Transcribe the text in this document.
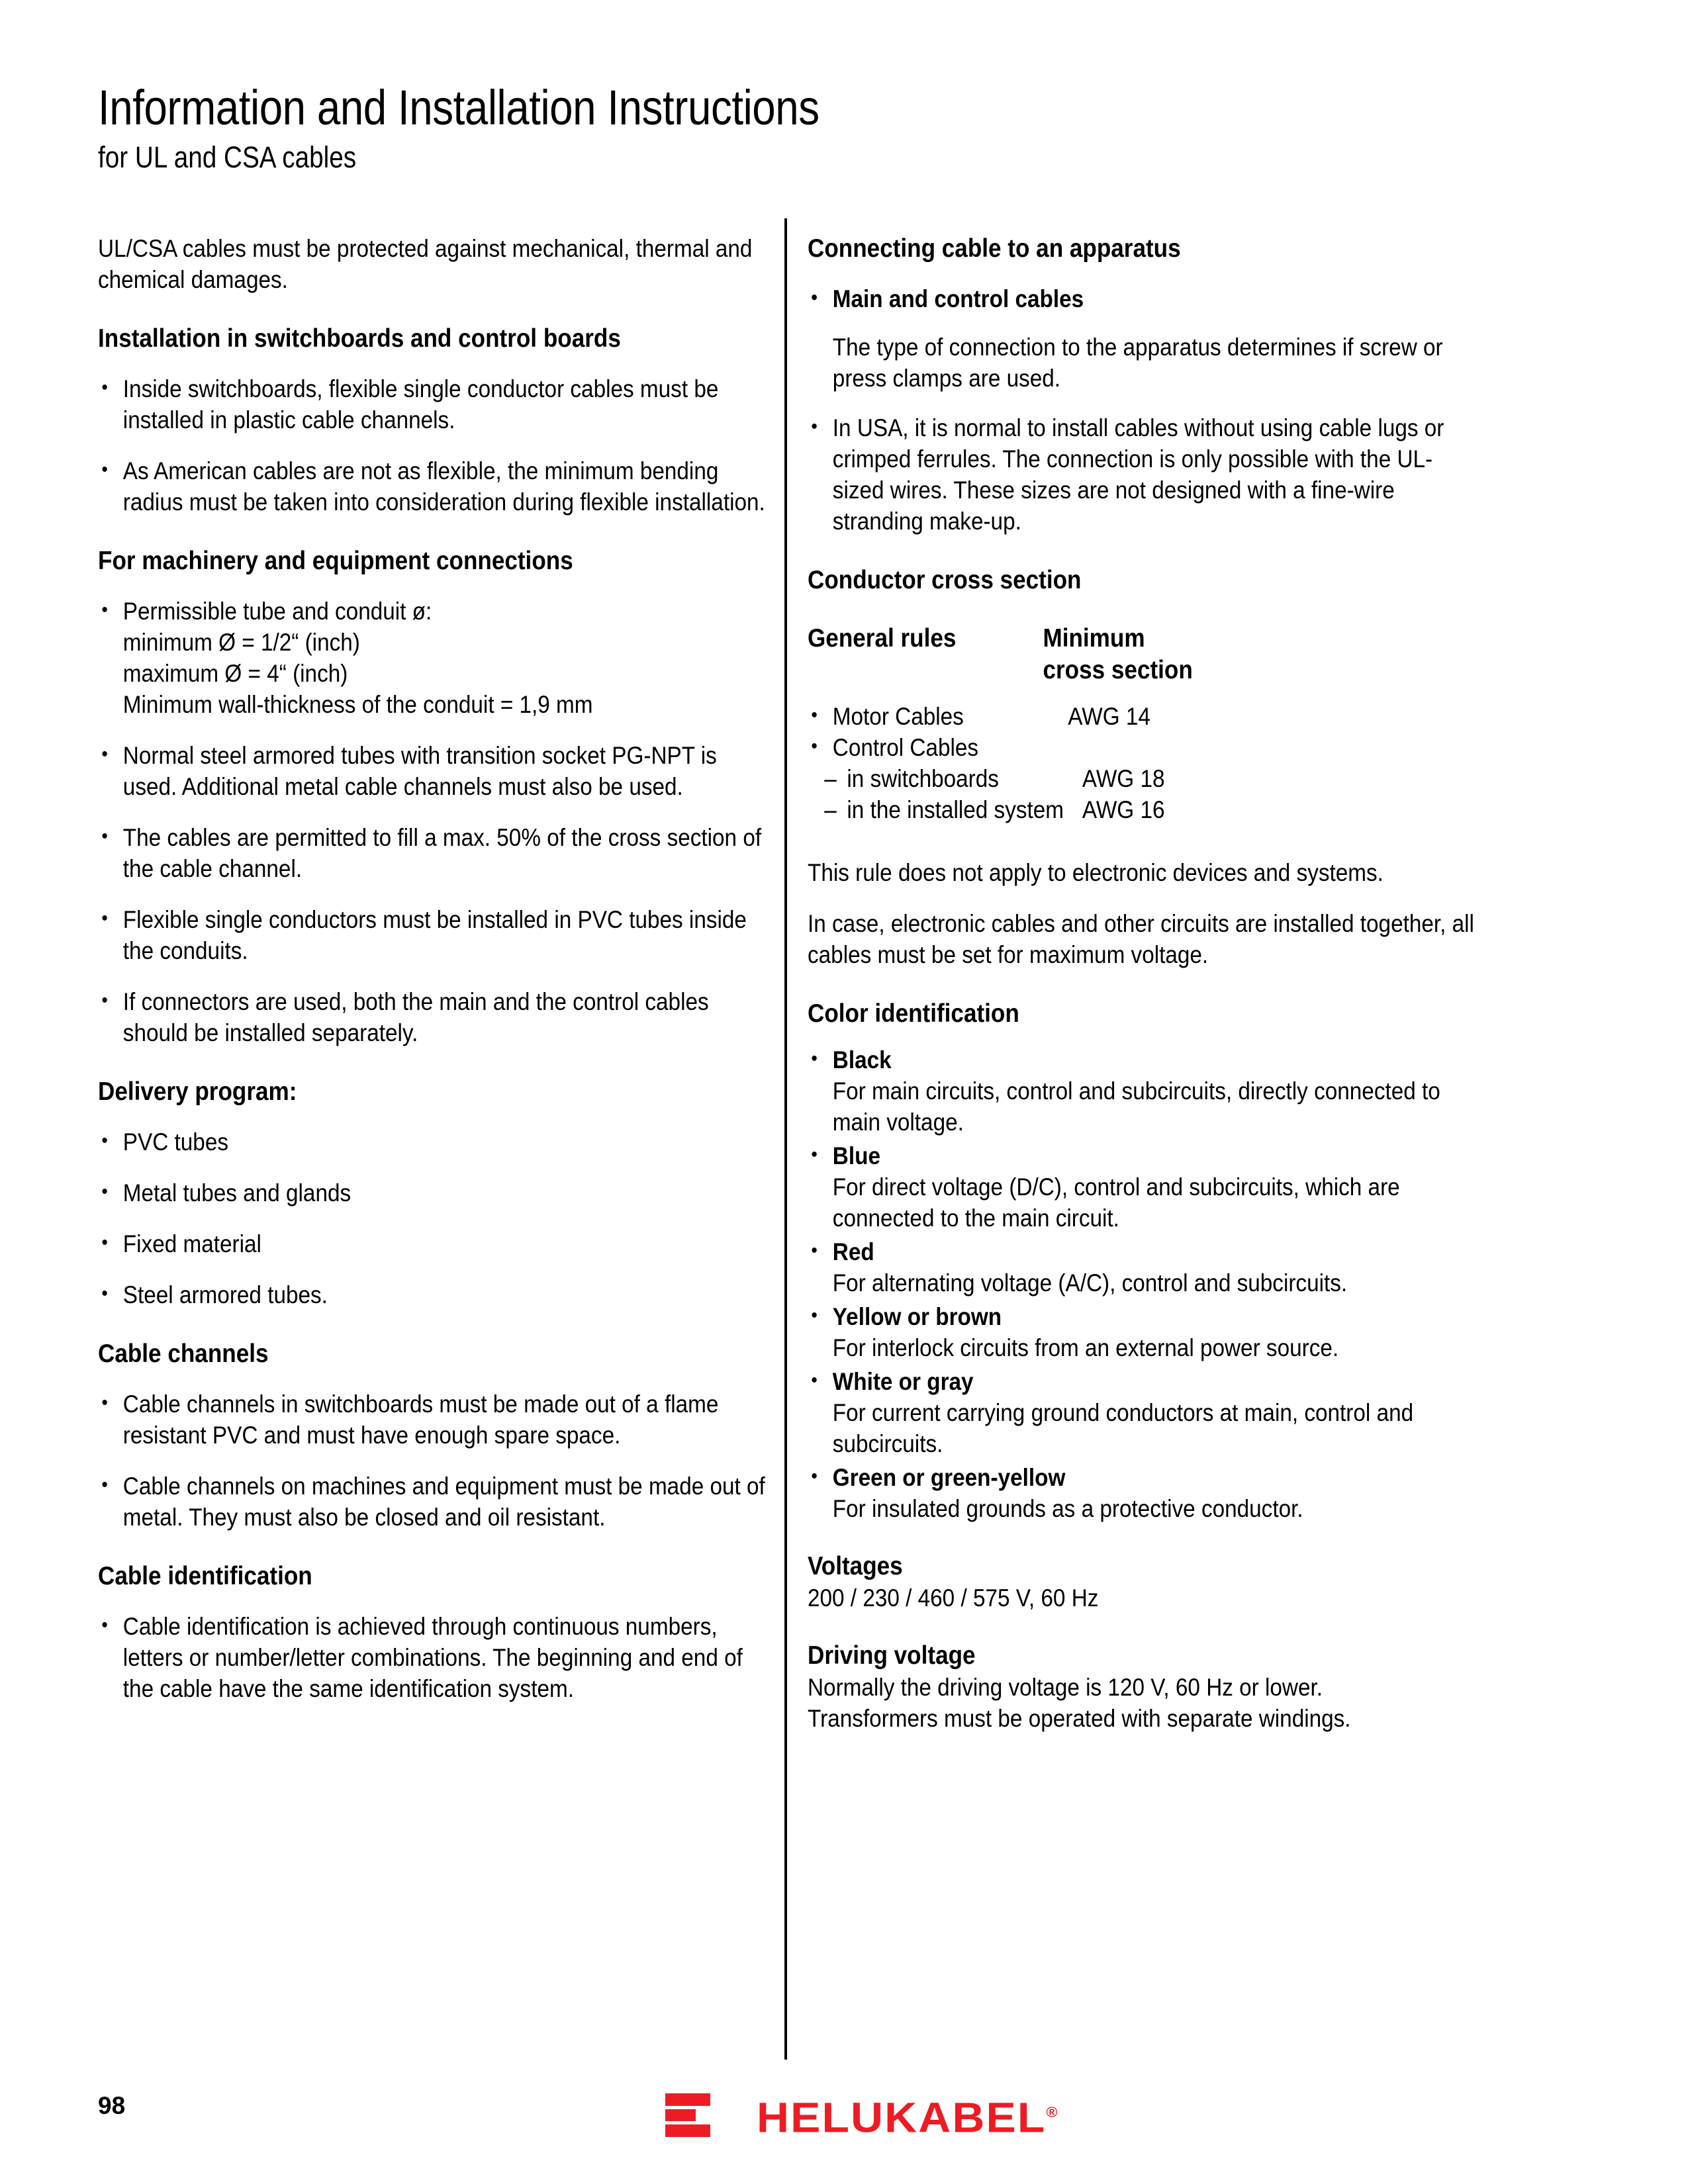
Information and Installation Instructions
for UL and CSA cables

UL/CSA cables must be protected against mechanical, thermal and chemical damages.

Installation in switchboards and control boards
• Inside switchboards, flexible single conductor cables must be installed in plastic cable channels.
• As American cables are not as flexible, the minimum bending radius must be taken into consideration during flexible installation.
For machinery and equipment connections
• Permissible tube and conduit ø:
minimum Ø = 1/2“ (inch)
maximum Ø = 4“ (inch)
Minimum wall-thickness of the conduit = 1,9 mm
• Normal steel armored tubes with transition socket PG-NPT is used. Additional metal cable channels must also be used.
• The cables are permitted to fill a max. 50% of the cross section of the cable channel.
• Flexible single conductors must be installed in PVC tubes inside the conduits.
• If connectors are used, both the main and the control cables should be installed separately.
Delivery program:
• PVC tubes
• Metal tubes and glands
• Fixed material
• Steel armored tubes.
Cable channels
• Cable channels in switchboards must be made out of a flame resistant PVC and must have enough spare space.
• Cable channels on machines and equipment must be made out of metal. They must also be closed and oil resistant.
Cable identification
• Cable identification is achieved through continuous numbers, letters or number/letter combinations. The beginning and end of the cable have the same identification system.
Connecting cable to an apparatus
• Main and control cables
The type of connection to the apparatus determines if screw or press clamps are used.
• In USA, it is normal to install cables without using cable lugs or crimped ferrules. The connection is only possible with the UL-sized wires. These sizes are not designed with a fine-wire stranding make-up.
Conductor cross section
General rules	Minimum
cross section
• Motor Cables	AWG 14
• Control Cables
– in switchboards	AWG 18
– in the installed system AWG 16

This rule does not apply to electronic devices and systems.

In case, electronic cables and other circuits are installed together, all cables must be set for maximum voltage.

Color identification
• Black
For main circuits, control and subcircuits, directly connected to main voltage.
• Blue
For direct voltage (D/C), control and subcircuits, which are connected to the main circuit.
• Red
For alternating voltage (A/C), control and subcircuits.
• Yellow or brown
For interlock circuits from an external power source.
• White or gray
For current carrying ground conductors at main, control and subcircuits.
• Green or green-yellow
For insulated grounds as a protective conductor.
Voltages
200 / 230 / 460 / 575 V, 60 Hz
Driving voltage
Normally the driving voltage is 120 V, 60 Hz or lower.
Transformers must be operated with separate windings.
98	HELUKABEL®
